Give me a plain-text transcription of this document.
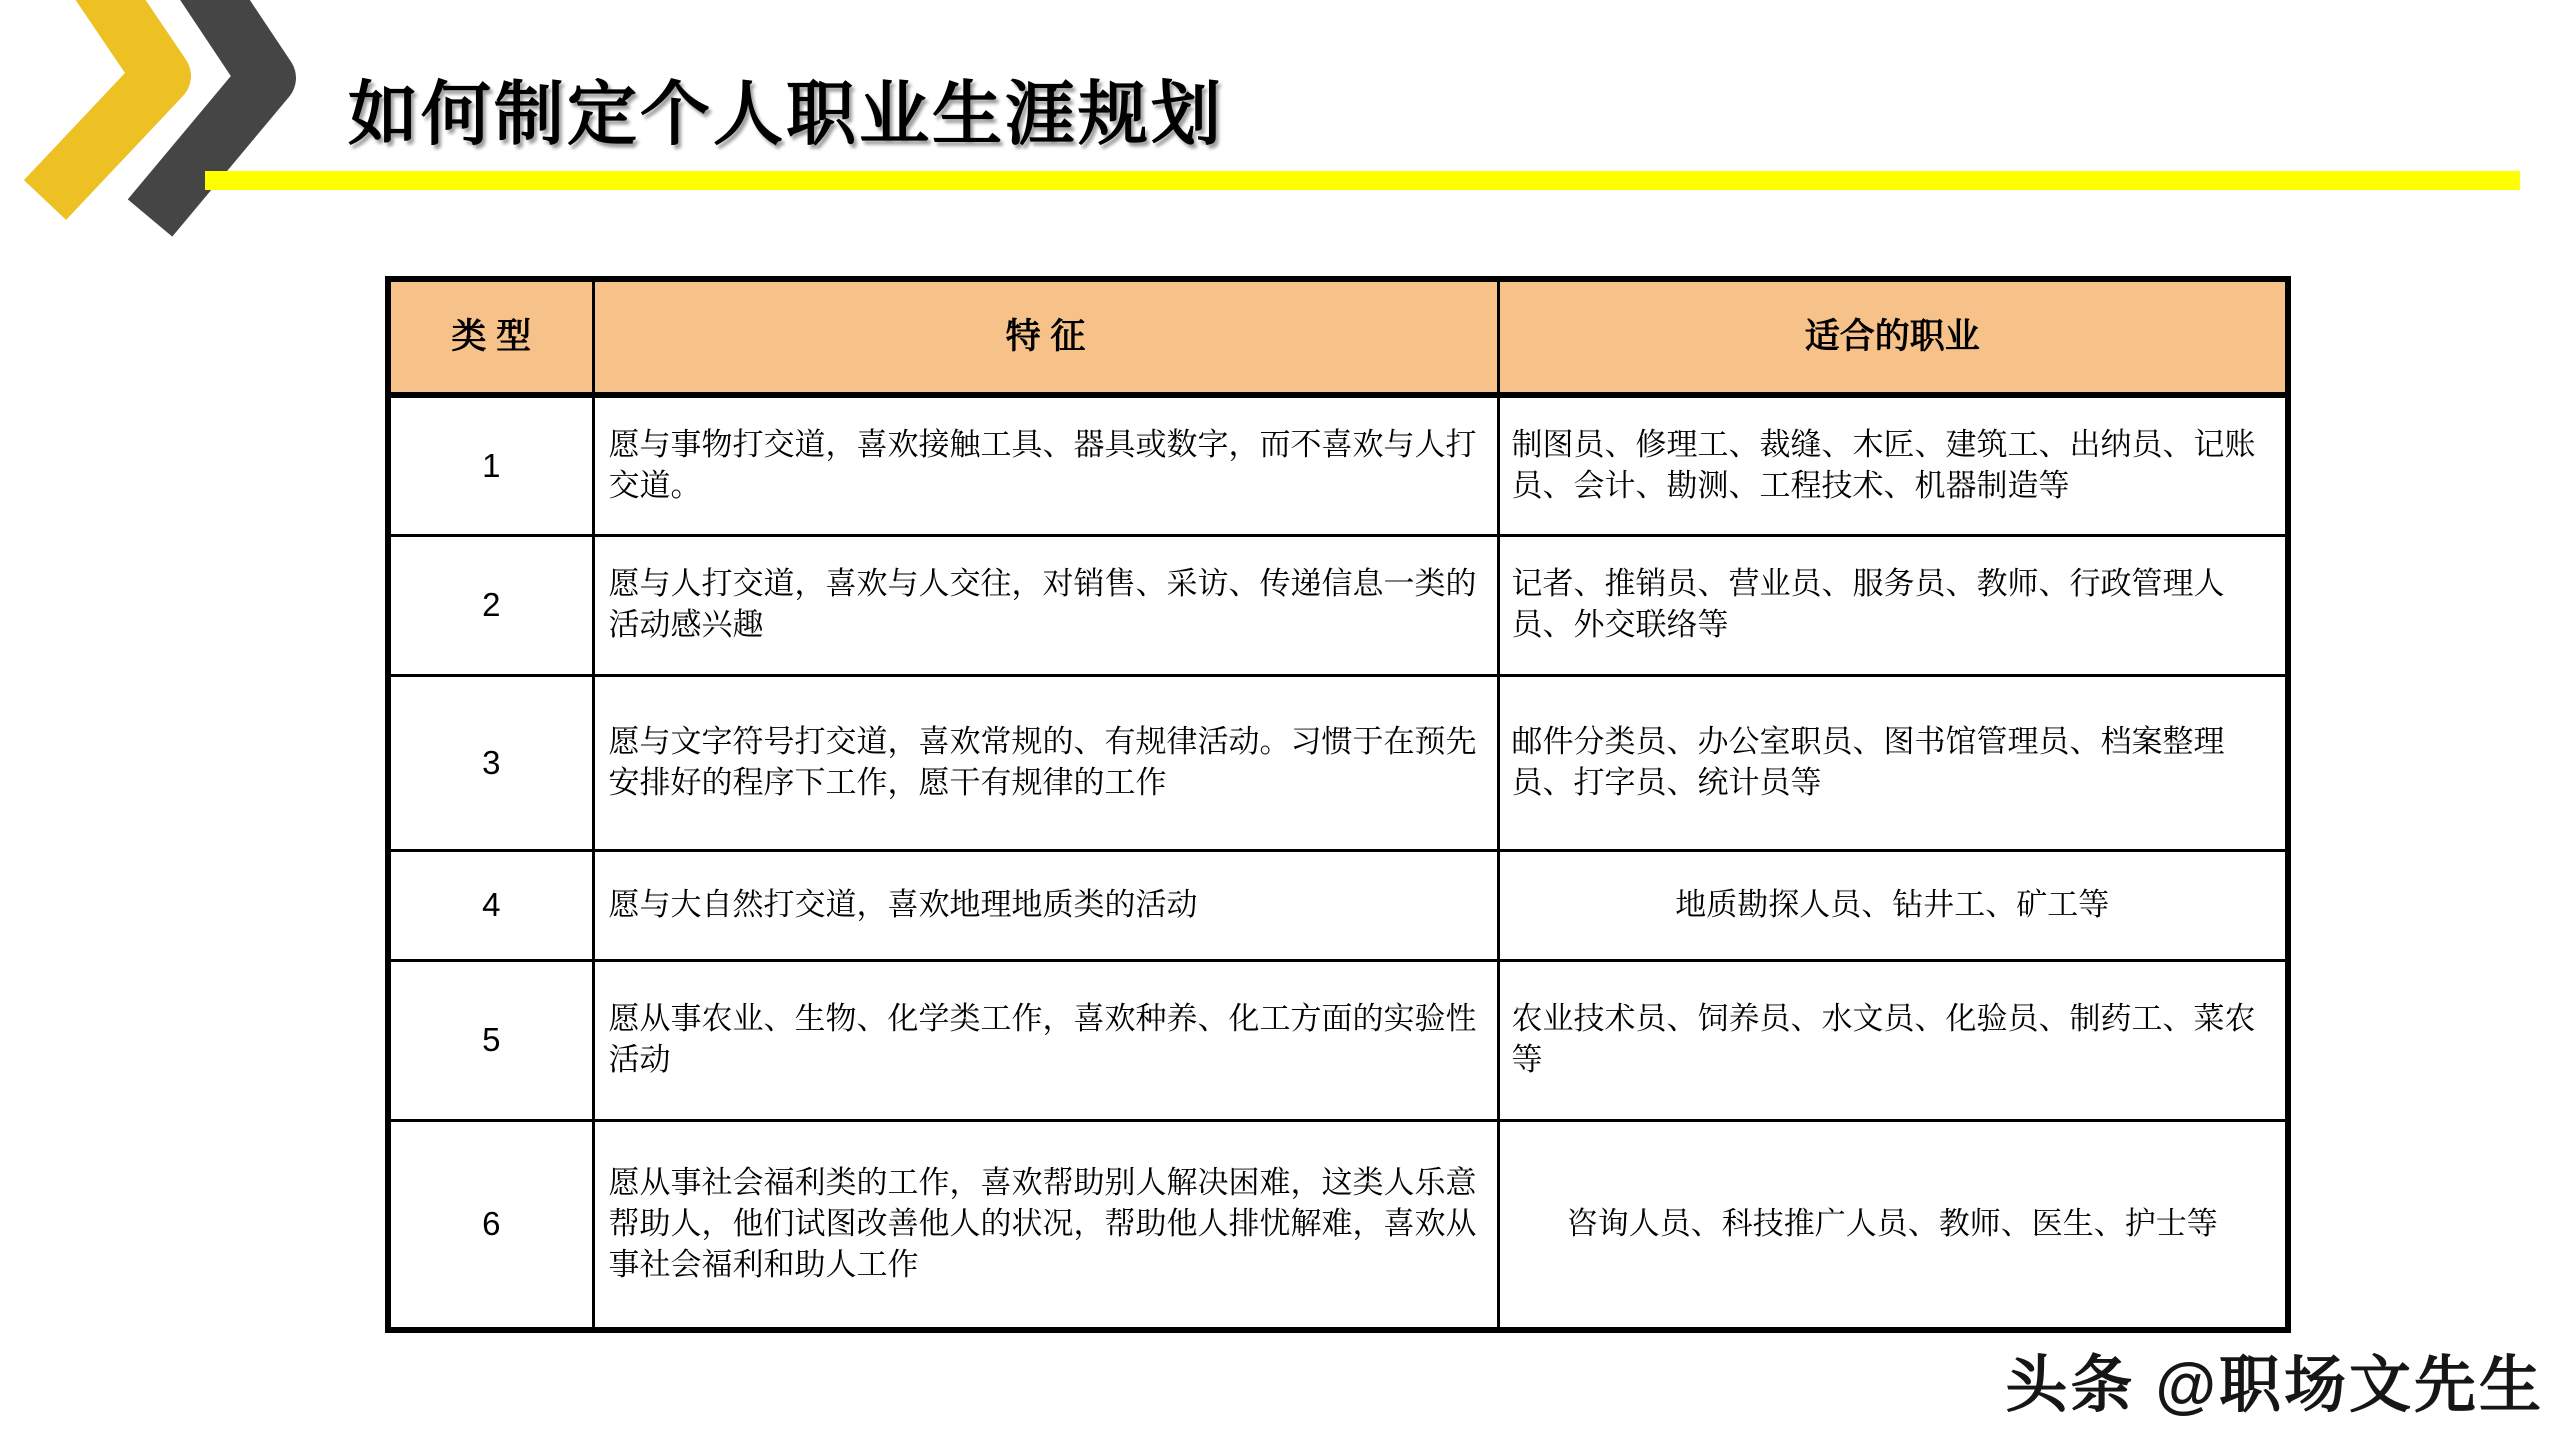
如何制定个人职业生涯规划
类 型	特 征	适合的职业
1	愿与事物打交道，喜欢接触工具、器具或数字，而不喜欢与人打交道。	制图员、修理工、裁缝、木匠、建筑工、出纳员、记账员、会计、勘测、工程技术、机器制造等
2	愿与人打交道，喜欢与人交往，对销售、采访、传递信息一类的活动感兴趣	记者、推销员、营业员、服务员、教师、行政管理人员、外交联络等
3	愿与文字符号打交道，喜欢常规的、有规律活动。习惯于在预先安排好的程序下工作，愿干有规律的工作	邮件分类员、办公室职员、图书馆管理员、档案整理员、打字员、统计员等
4	愿与大自然打交道，喜欢地理地质类的活动	地质勘探人员、钻井工、矿工等
5	愿从事农业、生物、化学类工作，喜欢种养、化工方面的实验性活动	农业技术员、饲养员、水文员、化验员、制药工、菜农等
6	愿从事社会福利类的工作，喜欢帮助别人解决困难，这类人乐意帮助人，他们试图改善他人的状况，帮助他人排忧解难，喜欢从事社会福利和助人工作	咨询人员、科技推广人员、教师、医生、护士等
头条 @职场文先生
